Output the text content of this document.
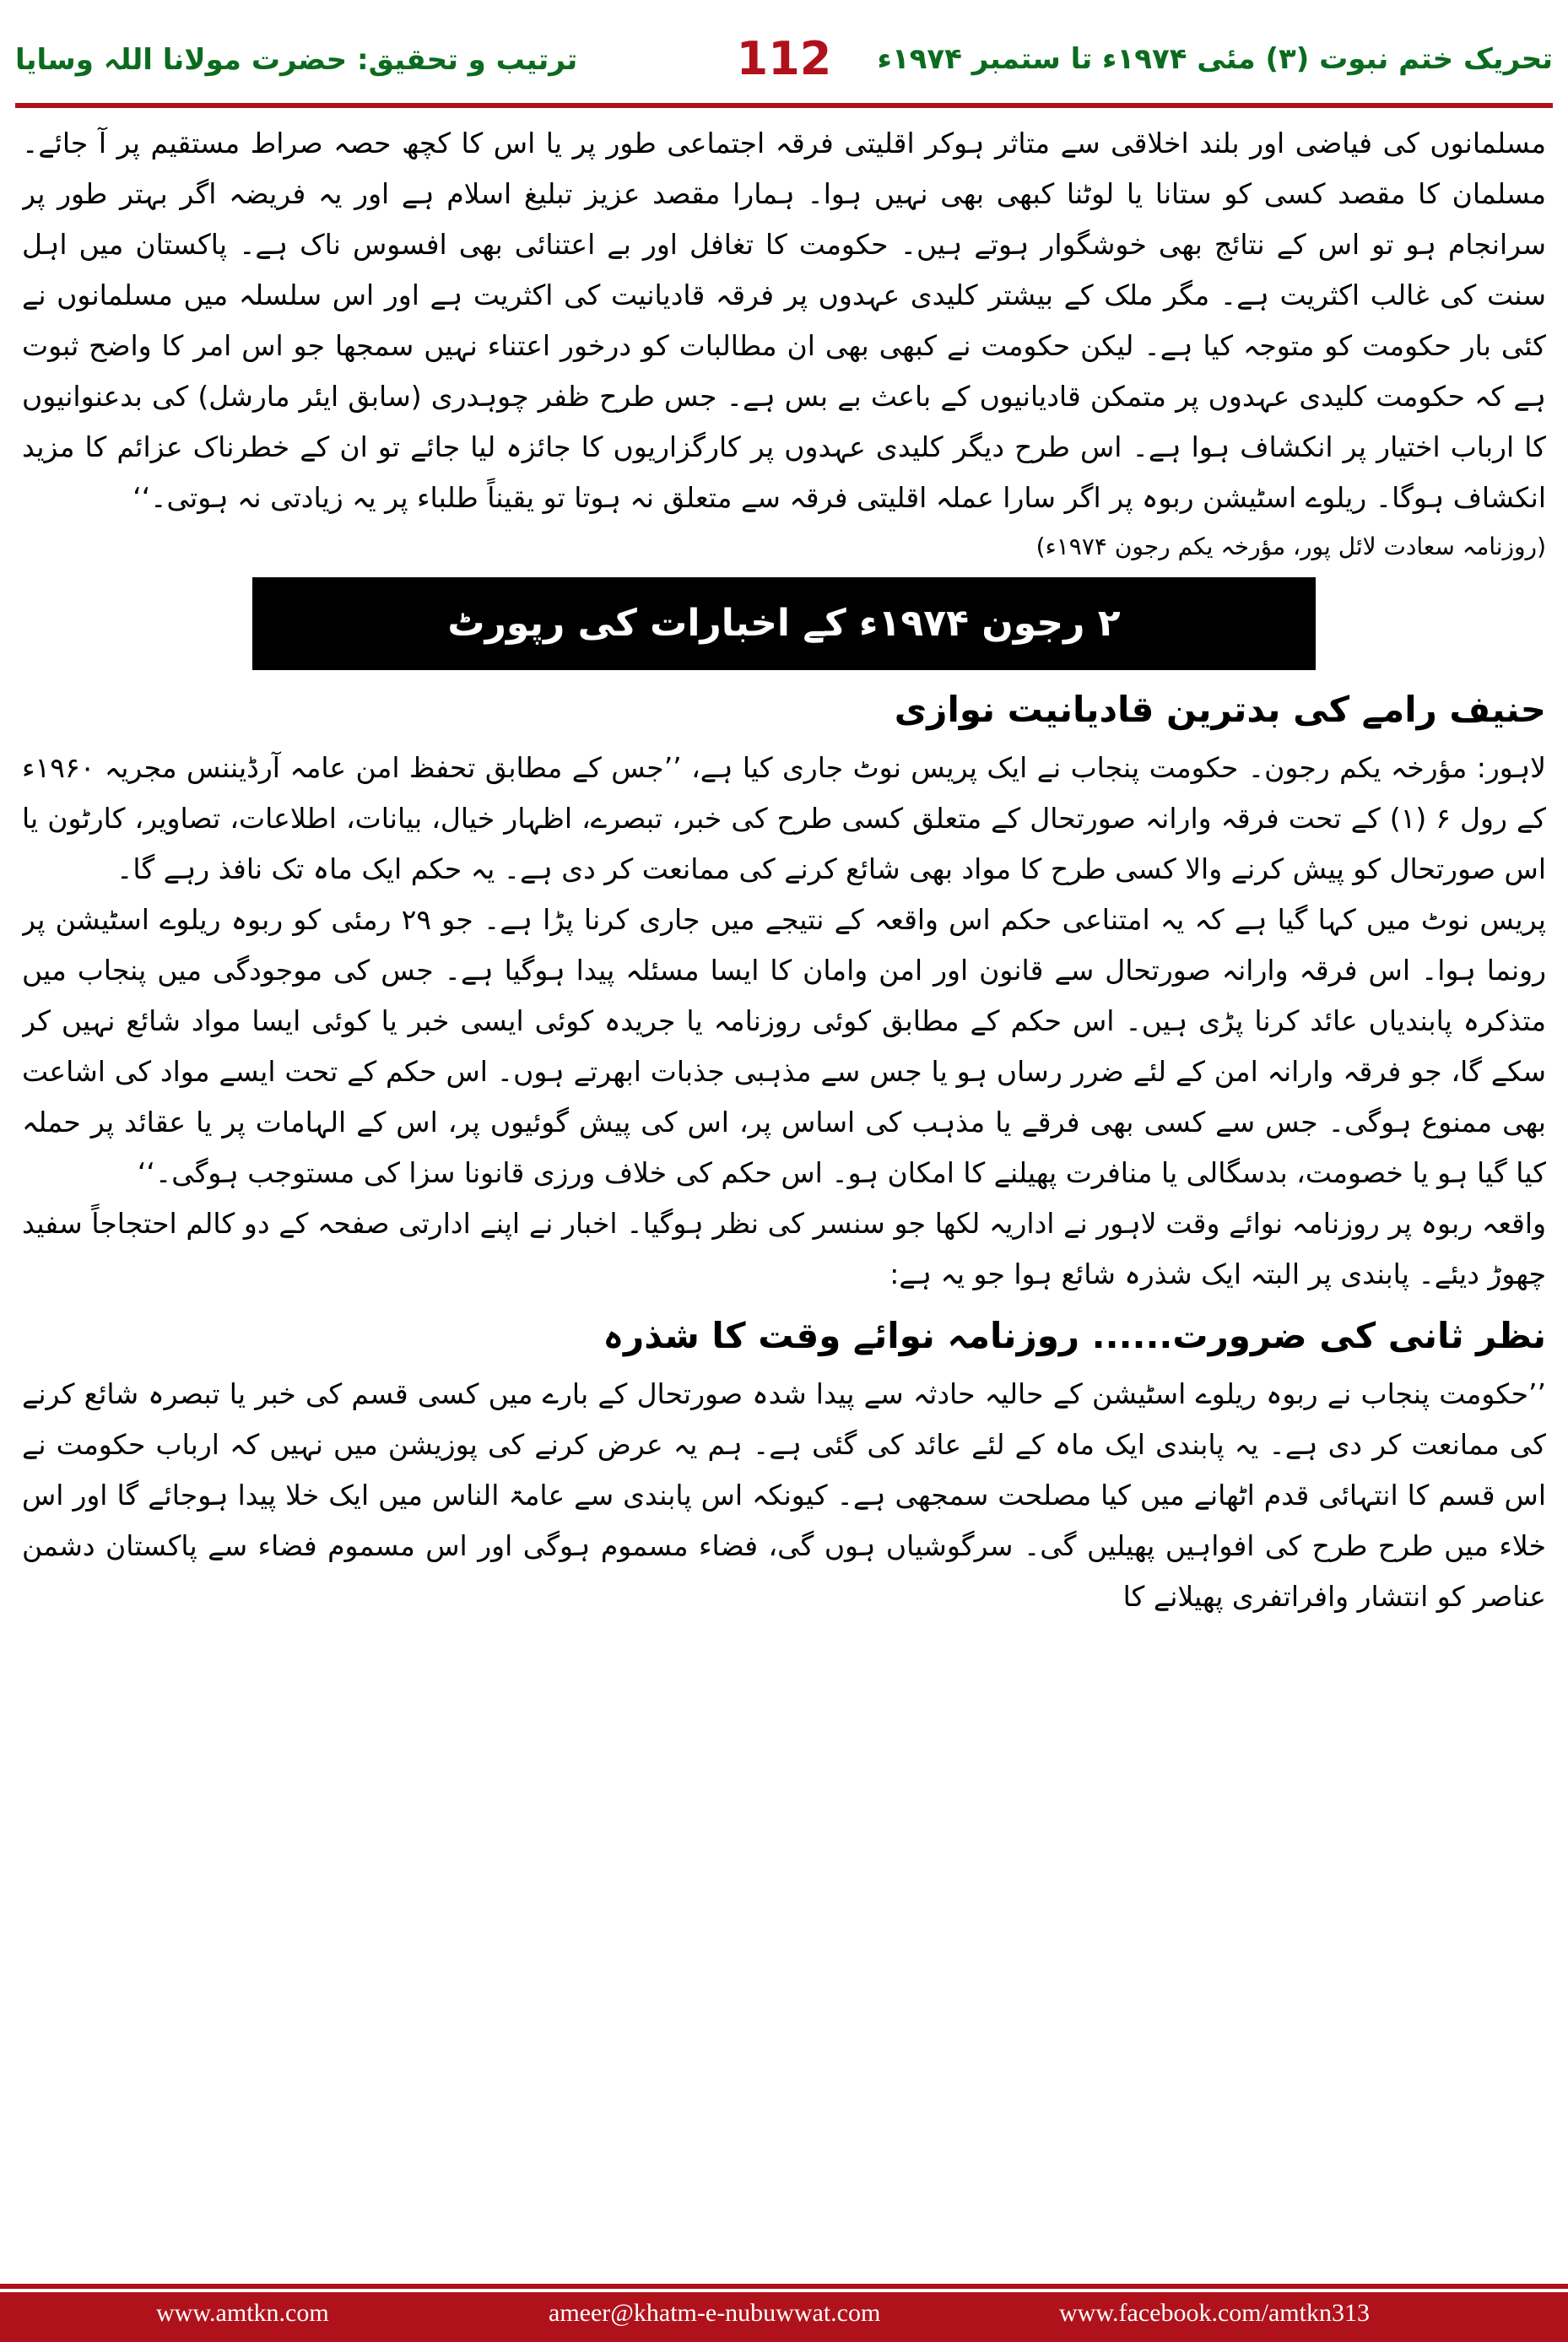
تحریک ختم نبوت (۳) مئی ۱۹۷۴ء تا ستمبر ۱۹۷۴ء
112
ترتیب و تحقیق: حضرت مولانا اللہ وسایا

مسلمانوں کی فیاضی اور بلند اخلاقی سے متاثر ہوکر اقلیتی فرقہ اجتماعی طور پر یا اس کا کچھ حصہ صراط مستقیم پر آ جائے۔ مسلمان کا مقصد کسی کو ستانا یا لوٹنا کبھی بھی نہیں ہوا۔ ہمارا مقصد عزیز تبلیغ اسلام ہے اور یہ فریضہ اگر بہتر طور پر سرانجام ہو تو اس کے نتائج بھی خوشگوار ہوتے ہیں۔ حکومت کا تغافل اور بے اعتنائی بھی افسوس ناک ہے۔ پاکستان میں اہل سنت کی غالب اکثریت ہے۔ مگر ملک کے بیشتر کلیدی عہدوں پر فرقہ قادیانیت کی اکثریت ہے اور اس سلسلہ میں مسلمانوں نے کئی بار حکومت کو متوجہ کیا ہے۔ لیکن حکومت نے کبھی بھی ان مطالبات کو درخور اعتناء نہیں سمجھا جو اس امر کا واضح ثبوت ہے کہ حکومت کلیدی عہدوں پر متمکن قادیانیوں کے باعث بے بس ہے۔ جس طرح ظفر چوہدری (سابق ایئر مارشل) کی بدعنوانیوں کا ارباب اختیار پر انکشاف ہوا ہے۔ اس طرح دیگر کلیدی عہدوں پر کارگزاریوں کا جائزہ لیا جائے تو ان کے خطرناک عزائم کا مزید انکشاف ہوگا۔ ریلوے اسٹیشن ربوہ پر اگر سارا عملہ اقلیتی فرقہ سے متعلق نہ ہوتا تو یقیناً طلباء پر یہ زیادتی نہ ہوتی۔‘‘

(روزنامہ سعادت لائل پور، مؤرخہ یکم رجون ۱۹۷۴ء)
۲ رجون ۱۹۷۴ء کے اخبارات کی رپورٹ
حنیف رامے کی بدترین قادیانیت نوازی

لاہور: مؤرخہ یکم رجون۔ حکومت پنجاب نے ایک پریس نوٹ جاری کیا ہے، ’’جس کے مطابق تحفظ امن عامہ آرڈیننس مجریہ ۱۹۶۰ء کے رول ۶ (۱) کے تحت فرقہ وارانہ صورتحال کے متعلق کسی طرح کی خبر، تبصرے، اظہار خیال، بیانات، اطلاعات، تصاویر، کارٹون یا اس صورتحال کو پیش کرنے والا کسی طرح کا مواد بھی شائع کرنے کی ممانعت کر دی ہے۔ یہ حکم ایک ماہ تک نافذ رہے گا۔

پریس نوٹ میں کہا گیا ہے کہ یہ امتناعی حکم اس واقعہ کے نتیجے میں جاری کرنا پڑا ہے۔ جو ۲۹ رمئی کو ربوہ ریلوے اسٹیشن پر رونما ہوا۔ اس فرقہ وارانہ صورتحال سے قانون اور امن وامان کا ایسا مسئلہ پیدا ہوگیا ہے۔ جس کی موجودگی میں پنجاب میں متذکرہ پابندیاں عائد کرنا پڑی ہیں۔ اس حکم کے مطابق کوئی روزنامہ یا جریدہ کوئی ایسی خبر یا کوئی ایسا مواد شائع نہیں کر سکے گا، جو فرقہ وارانہ امن کے لئے ضرر رساں ہو یا جس سے مذہبی جذبات ابھرتے ہوں۔ اس حکم کے تحت ایسے مواد کی اشاعت بھی ممنوع ہوگی۔ جس سے کسی بھی فرقے یا مذہب کی اساس پر، اس کی پیش گوئیوں پر، اس کے الہامات پر یا عقائد پر حملہ کیا گیا ہو یا خصومت، بدسگالی یا منافرت پھیلنے کا امکان ہو۔ اس حکم کی خلاف ورزی قانونا سزا کی مستوجب ہوگی۔‘‘

واقعہ ربوہ پر روزنامہ نوائے وقت لاہور نے اداریہ لکھا جو سنسر کی نظر ہوگیا۔ اخبار نے اپنے ادارتی صفحہ کے دو کالم احتجاجاً سفید چھوڑ دیئے۔ پابندی پر البتہ ایک شذرہ شائع ہوا جو یہ ہے:

نظر ثانی کی ضرورت...... روزنامہ نوائے وقت کا شذرہ

’’حکومت پنجاب نے ربوہ ریلوے اسٹیشن کے حالیہ حادثہ سے پیدا شدہ صورتحال کے بارے میں کسی قسم کی خبر یا تبصرہ شائع کرنے کی ممانعت کر دی ہے۔ یہ پابندی ایک ماہ کے لئے عائد کی گئی ہے۔ ہم یہ عرض کرنے کی پوزیشن میں نہیں کہ ارباب حکومت نے اس قسم کا انتہائی قدم اٹھانے میں کیا مصلحت سمجھی ہے۔ کیونکہ اس پابندی سے عامۃ الناس میں ایک خلا پیدا ہوجائے گا اور اس خلاء میں طرح طرح کی افواہیں پھیلیں گی۔ سرگوشیاں ہوں گی، فضاء مسموم ہوگی اور اس مسموم فضاء سے پاکستان دشمن عناصر کو انتشار وافراتفری پھیلانے کا

www.amtkn.com	ameer@khatm-e-nubuwwat.com	www.facebook.com/amtkn313
